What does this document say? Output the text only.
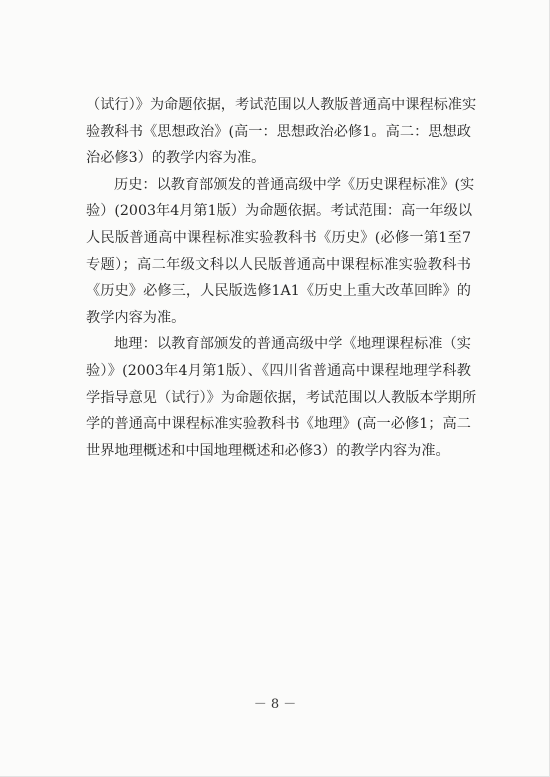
（试行）》为命题依据，考试范围以人教版普通高中课程标准实
验教科书《思想政治》(高一：思想政治必修1。高二：思想政
治必修3）的教学内容为准。

历史：以教育部颁发的普通高级中学《历史课程标准》(实
验）(2003年4月第1版）为命题依据。考试范围：高一年级以
人民版普通高中课程标准实验教科书《历史》(必修一第1至7
专题）；高二年级文科以人民版普通高中课程标准实验教科书
《历史》必修三，人民版选修1A1《历史上重大改革回眸》的
教学内容为准。

地理：以教育部颁发的普通高级中学《地理课程标准（实
验）》(2003年4月第1版）、《四川省普通高中课程地理学科教
学指导意见（试行）》为命题依据，考试范围以人教版本学期所
学的普通高中课程标准实验教科书《地理》(高一必修1；高二
世界地理概述和中国地理概述和必修3）的教学内容为准。

－ 8 －
